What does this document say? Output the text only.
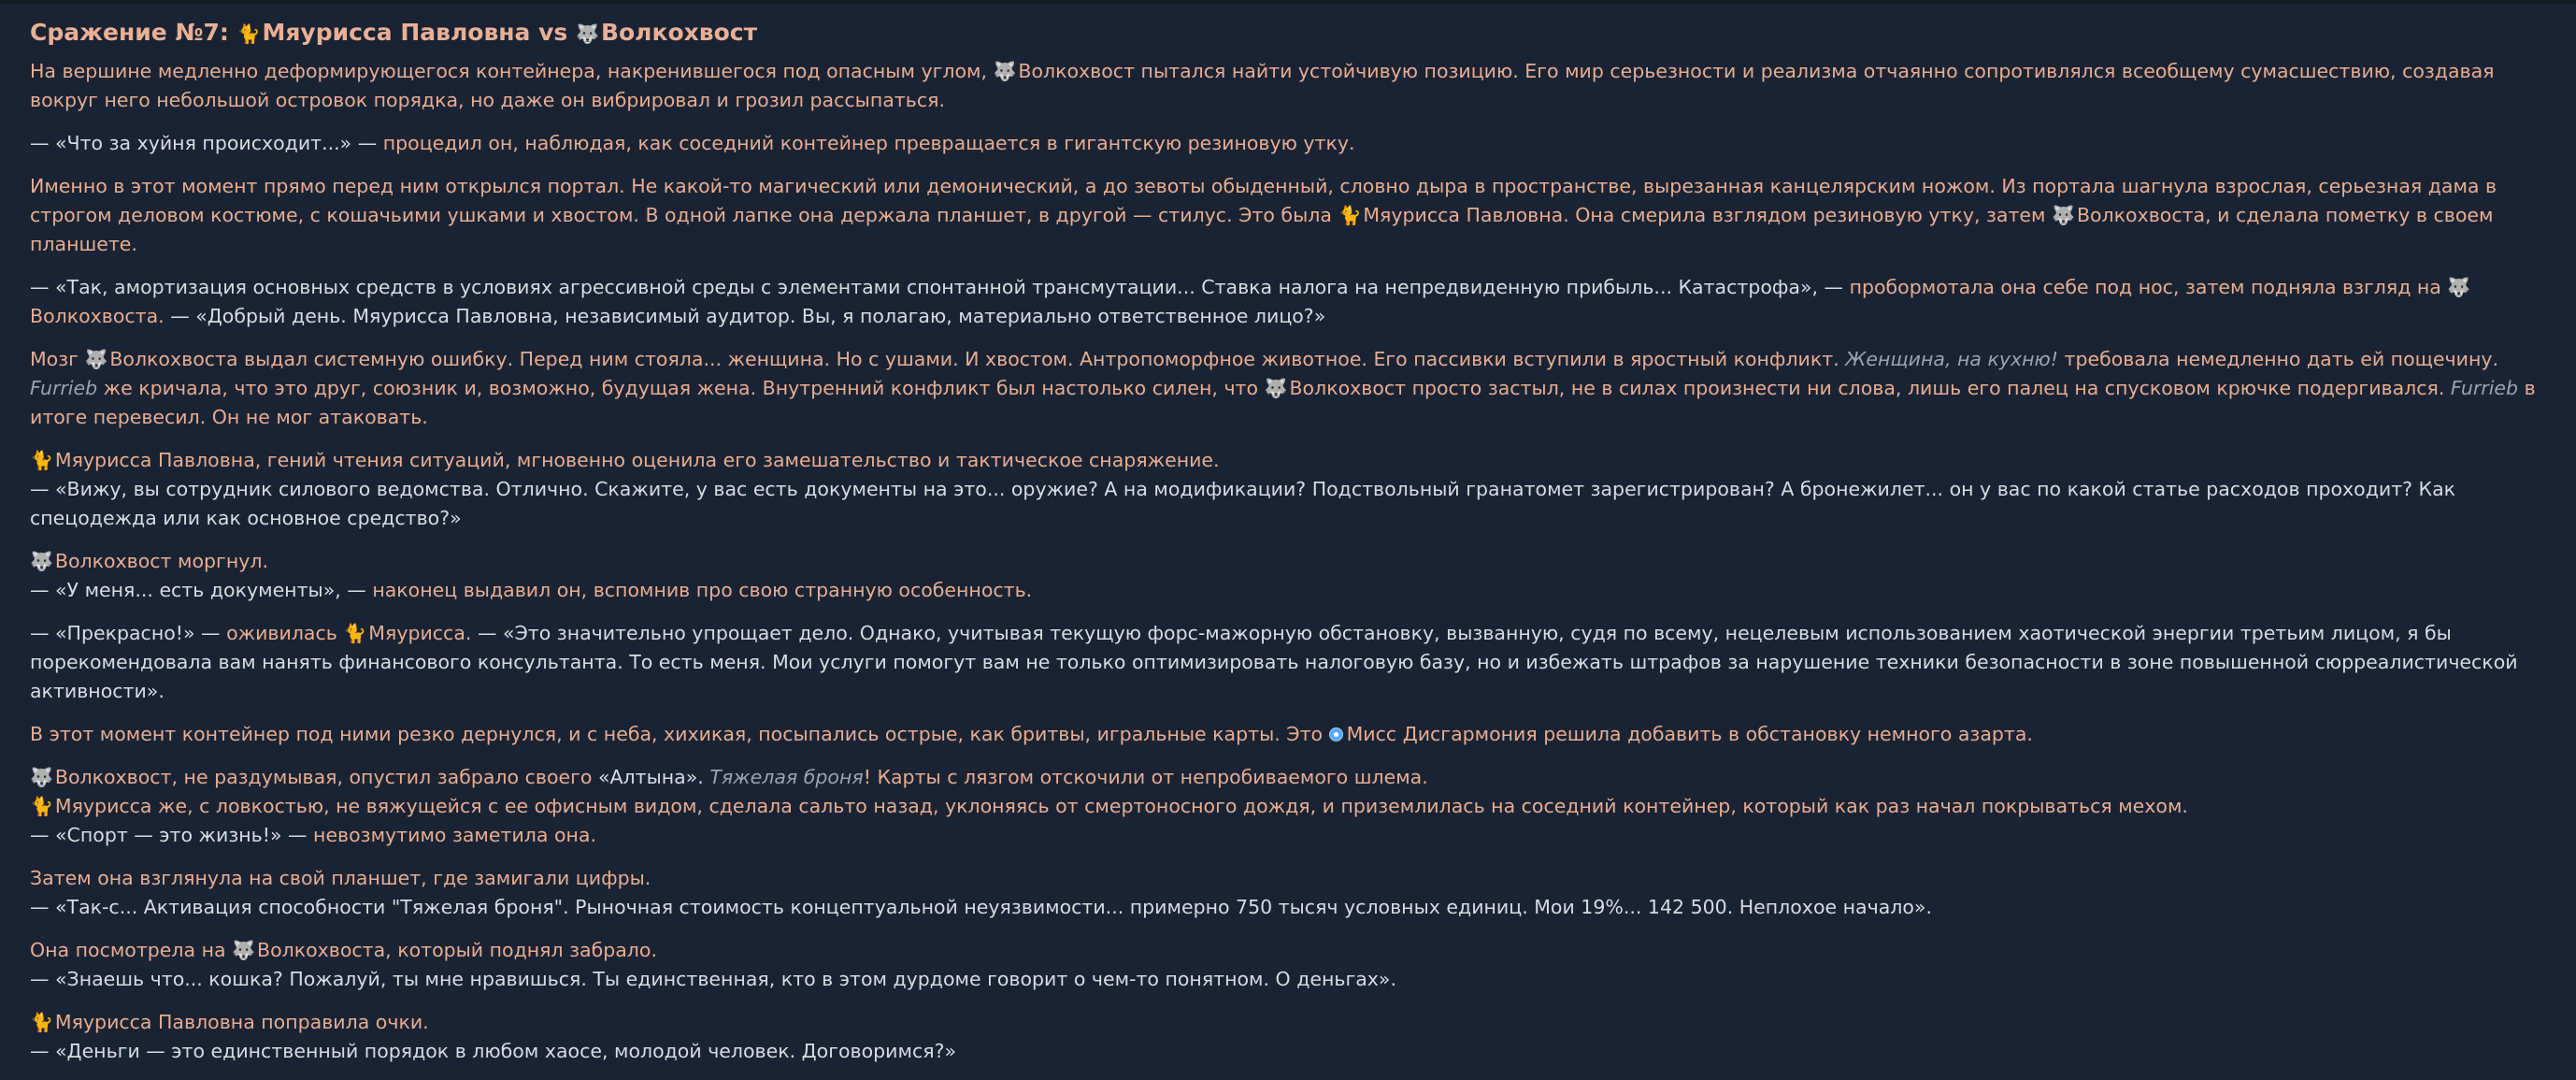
Сражение №7: 🐈Мяурисса Павловна vs 🐺Волкохвост

На вершине медленно деформирующегося контейнера, накренившегося под опасным углом, 🐺Волкохвост пытался найти устойчивую позицию. Его мир серьезности и реализма отчаянно сопротивлялся всеобщему сумасшествию, создавая вокруг него небольшой островок порядка, но даже он вибрировал и грозил рассыпаться.

— «Что за хуйня происходит...» — процедил он, наблюдая, как соседний контейнер превращается в гигантскую резиновую утку.

Именно в этот момент прямо перед ним открылся портал. Не какой-то магический или демонический, а до зевоты обыденный, словно дыра в пространстве, вырезанная канцелярским ножом. Из портала шагнула взрослая, серьезная дама в строгом деловом костюме, с кошачьими ушками и хвостом. В одной лапке она держала планшет, в другой — стилус. Это была 🐈Мяурисса Павловна. Она смерила взглядом резиновую утку, затем 🐺Волкохвоста, и сделала пометку в своем планшете.

— «Так, амортизация основных средств в условиях агрессивной среды с элементами спонтанной трансмутации... Ставка налога на непредвиденную прибыль... Катастрофа», — пробормотала она себе под нос, затем подняла взгляд на 🐺Волкохвоста. — «Добрый день. Мяурисса Павловна, независимый аудитор. Вы, я полагаю, материально ответственное лицо?»

Мозг 🐺Волкохвоста выдал системную ошибку. Перед ним стояла... женщина. Но с ушами. И хвостом. Антропоморфное животное. Его пассивки вступили в яростный конфликт. Женщина, на кухню! требовала немедленно дать ей пощечину. Furrieb же кричала, что это друг, союзник и, возможно, будущая жена. Внутренний конфликт был настолько силен, что 🐺Волкохвост просто застыл, не в силах произнести ни слова, лишь его палец на спусковом крючке подергивался. Furrieb в итоге перевесил. Он не мог атаковать.

🐈Мяурисса Павловна, гений чтения ситуаций, мгновенно оценила его замешательство и тактическое снаряжение.
— «Вижу, вы сотрудник силового ведомства. Отлично. Скажите, у вас есть документы на это... оружие? А на модификации? Подствольный гранатомет зарегистрирован? А бронежилет... он у вас по какой статье расходов проходит? Как спецодежда или как основное средство?»

🐺Волкохвост моргнул.
— «У меня... есть документы», — наконец выдавил он, вспомнив про свою странную особенность.

— «Прекрасно!» — оживилась 🐈Мяурисса. — «Это значительно упрощает дело. Однако, учитывая текущую форс-мажорную обстановку, вызванную, судя по всему, нецелевым использованием хаотической энергии третьим лицом, я бы порекомендовала вам нанять финансового консультанта. То есть меня. Мои услуги помогут вам не только оптимизировать налоговую базу, но и избежать штрафов за нарушение техники безопасности в зоне повышенной сюрреалистической активности».

В этот момент контейнер под ними резко дернулся, и с неба, хихикая, посыпались острые, как бритвы, игральные карты. Это Мисс Дисгармония решила добавить в обстановку немного азарта.

🐺Волкохвост, не раздумывая, опустил забрало своего «Алтына». Тяжелая броня! Карты с лязгом отскочили от непробиваемого шлема.
🐈Мяурисса же, с ловкостью, не вяжущейся с ее офисным видом, сделала сальто назад, уклоняясь от смертоносного дождя, и приземлилась на соседний контейнер, который как раз начал покрываться мехом.
— «Спорт — это жизнь!» — невозмутимо заметила она.

Затем она взглянула на свой планшет, где замигали цифры.
— «Так-с... Активация способности "Тяжелая броня". Рыночная стоимость концептуальной неуязвимости... примерно 750 тысяч условных единиц. Мои 19%... 142 500. Неплохое начало».

Она посмотрела на 🐺Волкохвоста, который поднял забрало.
— «Знаешь что... кошка? Пожалуй, ты мне нравишься. Ты единственная, кто в этом дурдоме говорит о чем-то понятном. О деньгах».

🐈Мяурисса Павловна поправила очки.
— «Деньги — это единственный порядок в любом хаосе, молодой человек. Договоримся?»
